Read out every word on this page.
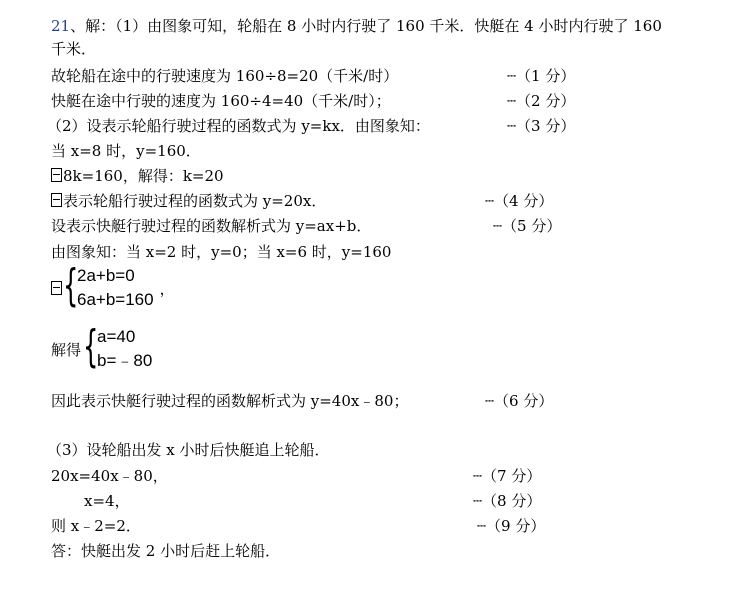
21、解：（1）由图象可知，轮船在 8 小时内行驶了 160 千米．快艇在 4 小时内行驶了 160
千米．
故轮船在途中的行驶速度为 160÷8=20（千米/时）	┄（1 分）
快艇在途中行驶的速度为 160÷4=40（千米/时）；	┄（2 分）
（2）设表示轮船行驶过程的函数式为 y=kx．由图象知：	┄（3 分）
当 x=8 时，y=160．
8k=160，解得：k=20
表示轮船行驶过程的函数式为 y=20x．	┄（4 分）
设表示快艇行驶过程的函数解析式为 y=ax+b．	┄（5 分）
由图象知：当 x=2 时，y=0；当 x=6 时，y=160
{
2a+b=0
6a+b=160
，
解得 {
a=40
b=﹣80
因此表示快艇行驶过程的函数解析式为 y=40x﹣80；	┄（6 分）
（3）设轮船出发 x 小时后快艇追上轮船．
20x=40x﹣80，	┄（7 分）
x=4，	┄（8 分）
则 x﹣2=2．	┄（9 分）
答：快艇出发 2 小时后赶上轮船．
